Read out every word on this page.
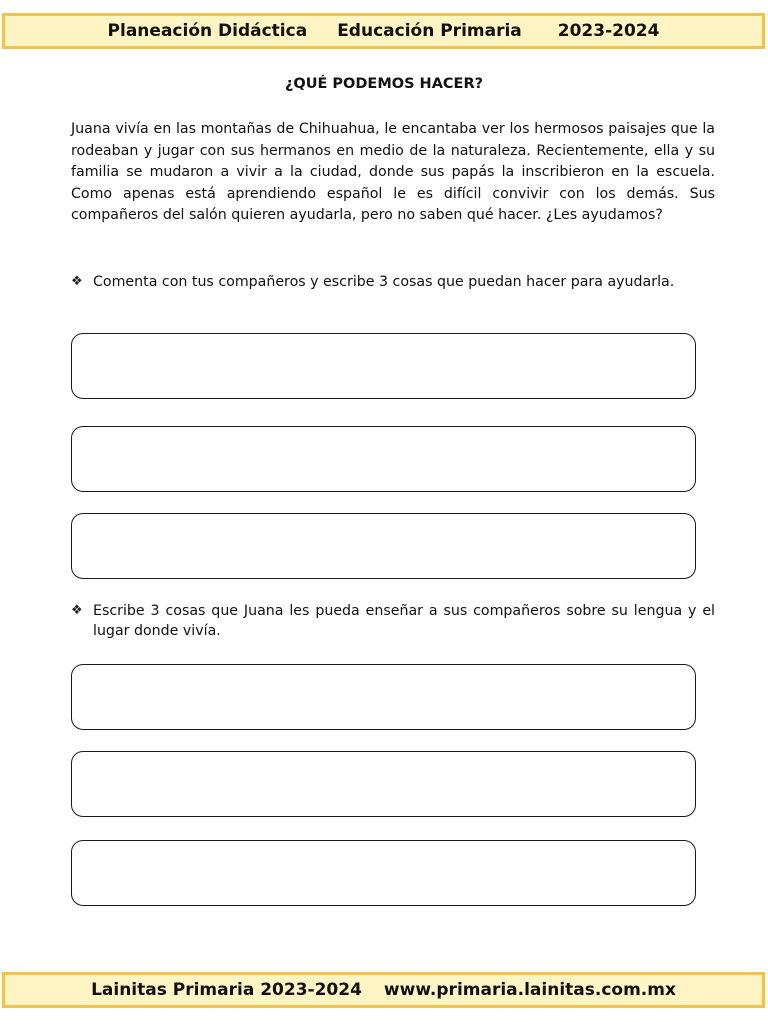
Planeación Didáctica Educación Primaria 2023-2024
¿QUÉ PODEMOS HACER?

Juana vivía en las montañas de Chihuahua, le encantaba ver los hermosos paisajes que la rodeaban y jugar con sus hermanos en medio de la naturaleza. Recientemente, ella y su familia se mudaron a vivir a la ciudad, donde sus papás la inscribieron en la escuela. Como apenas está aprendiendo español le es difícil convivir con los demás. Sus compañeros del salón quieren ayudarla, pero no saben qué hacer. ¿Les ayudamos?

❖ Comenta con tus compañeros y escribe 3 cosas que puedan hacer para ayudarla.
❖ Escribe 3 cosas que Juana les pueda enseñar a sus compañeros sobre su lengua y el lugar donde vivía.
Lainitas Primaria 2023-2024 www.primaria.lainitas.com.mx
